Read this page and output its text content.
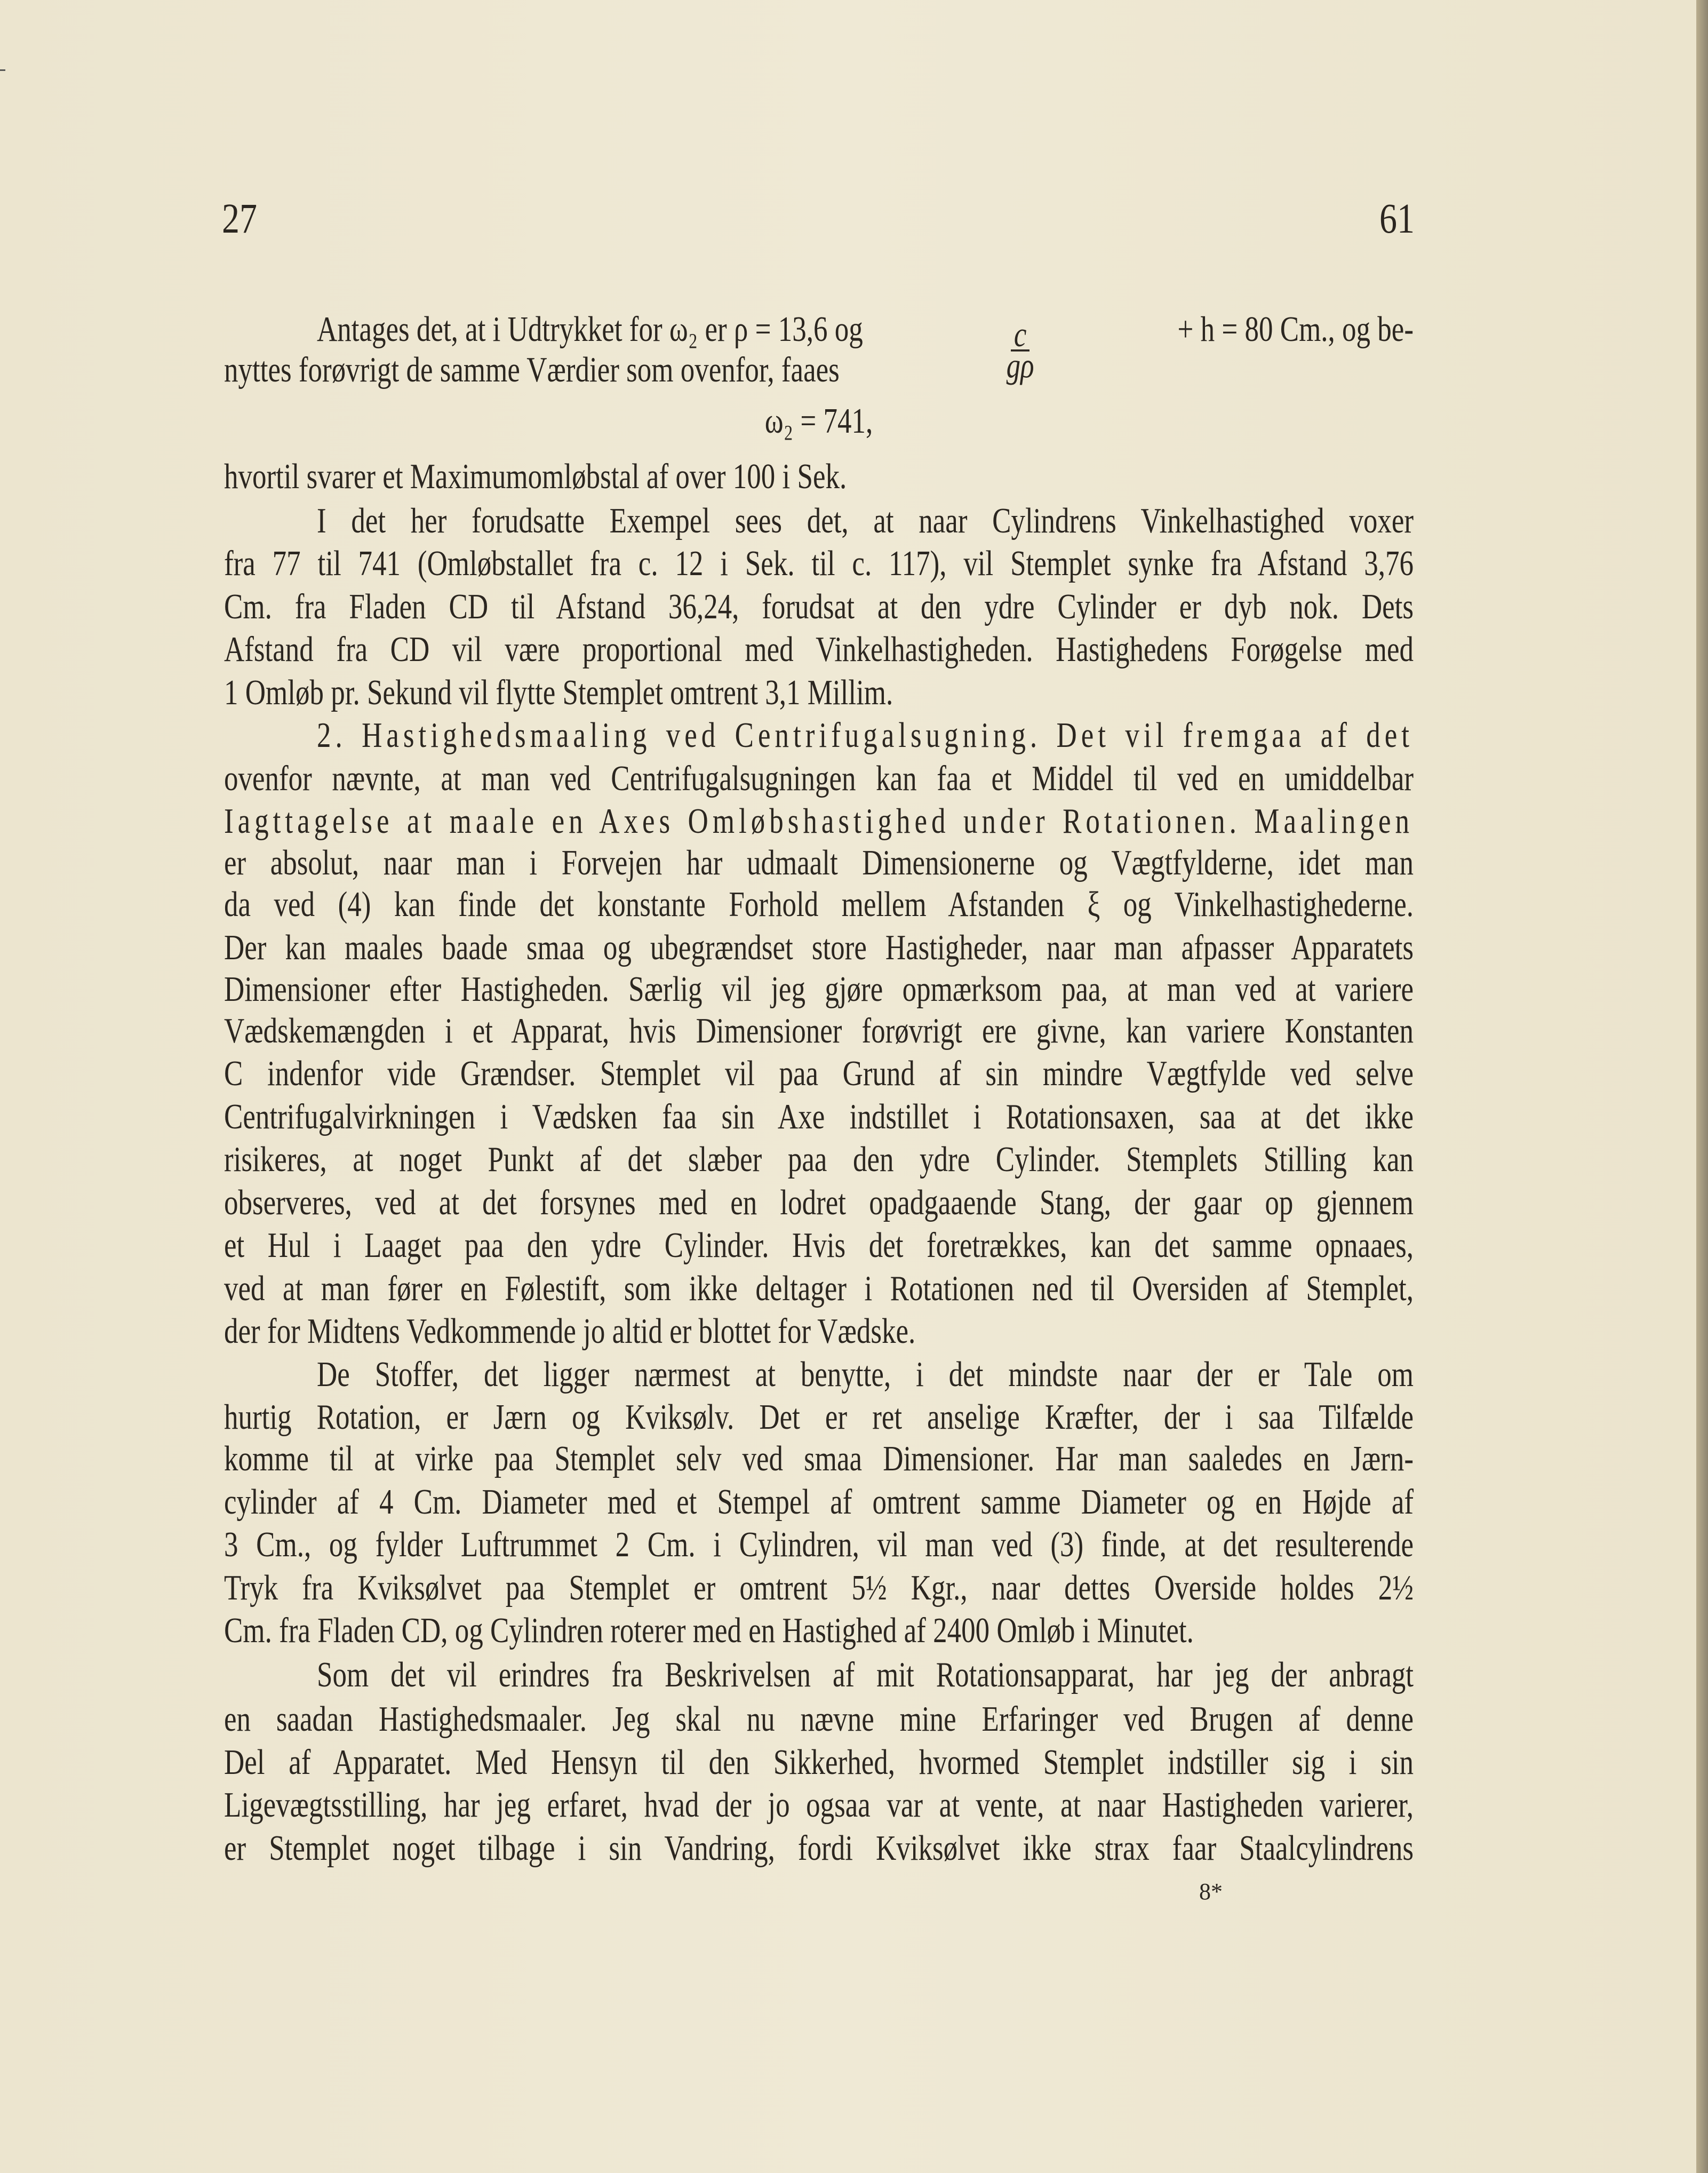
27	61
Antages det, at i Udtrykket for ω₂ er ρ = 13,6 og	$\frac{c}{g\rho}$	+ h = 80 Cm., og be-
nyttes forøvrigt de samme Værdier som ovenfor, faaes
ω₂ = 741,
hvortil svarer et Maximumomløbstal af over 100 i Sek.
I det her forudsatte Exempel sees det, at naar Cylindrens Vinkelhastighed voxer
fra 77 til 741 (Omløbstallet fra c. 12 i Sek. til c. 117), vil Stemplet synke fra Afstand 3,76
Cm. fra Fladen CD til Afstand 36,24, forudsat at den ydre Cylinder er dyb nok. Dets
Afstand fra CD vil være proportional med Vinkelhastigheden. Hastighedens Forøgelse med
1 Omløb pr. Sekund vil flytte Stemplet omtrent 3,1 Millim.
2. Hastighedsmaaling ved Centrifugalsugning. Det vil fremgaa af det
ovenfor nævnte, at man ved Centrifugalsugningen kan faa et Middel til ved en umiddelbar
Iagttagelse at maale en Axes Omløbshastighed under Rotationen. Maalingen
er absolut, naar man i Forvejen har udmaalt Dimensionerne og Vægtfylderne, idet man
da ved (4) kan finde det konstante Forhold mellem Afstanden ξ og Vinkelhastighederne.
Der kan maales baade smaa og ubegrændset store Hastigheder, naar man afpasser Apparatets
Dimensioner efter Hastigheden. Særlig vil jeg gjøre opmærksom paa, at man ved at variere
Vædskemængden i et Apparat, hvis Dimensioner forøvrigt ere givne, kan variere Konstanten
C indenfor vide Grændser. Stemplet vil paa Grund af sin mindre Vægtfylde ved selve
Centrifugalvirkningen i Vædsken faa sin Axe indstillet i Rotationsaxen, saa at det ikke
risikeres, at noget Punkt af det slæber paa den ydre Cylinder. Stemplets Stilling kan
observeres, ved at det forsynes med en lodret opadgaaende Stang, der gaar op gjennem
et Hul i Laaget paa den ydre Cylinder. Hvis det foretrækkes, kan det samme opnaaes,
ved at man fører en Følestift, som ikke deltager i Rotationen ned til Oversiden af Stemplet,
der for Midtens Vedkommende jo altid er blottet for Vædske.
De Stoffer, det ligger nærmest at benytte, i det mindste naar der er Tale om
hurtig Rotation, er Jærn og Kviksølv. Det er ret anselige Kræfter, der i saa Tilfælde
komme til at virke paa Stemplet selv ved smaa Dimensioner. Har man saaledes en Jærn-
cylinder af 4 Cm. Diameter med et Stempel af omtrent samme Diameter og en Højde af
3 Cm., og fylder Luftrummet 2 Cm. i Cylindren, vil man ved (3) finde, at det resulterende
Tryk fra Kviksølvet paa Stemplet er omtrent 5½ Kgr., naar dettes Overside holdes 2½
Cm. fra Fladen CD, og Cylindren roterer med en Hastighed af 2400 Omløb i Minutet.
Som det vil erindres fra Beskrivelsen af mit Rotationsapparat, har jeg der anbragt
en saadan Hastighedsmaaler. Jeg skal nu nævne mine Erfaringer ved Brugen af denne
Del af Apparatet. Med Hensyn til den Sikkerhed, hvormed Stemplet indstiller sig i sin
Ligevægtsstilling, har jeg erfaret, hvad der jo ogsaa var at vente, at naar Hastigheden varierer,
er Stemplet noget tilbage i sin Vandring, fordi Kviksølvet ikke strax faar Staalcylindrens
8*
